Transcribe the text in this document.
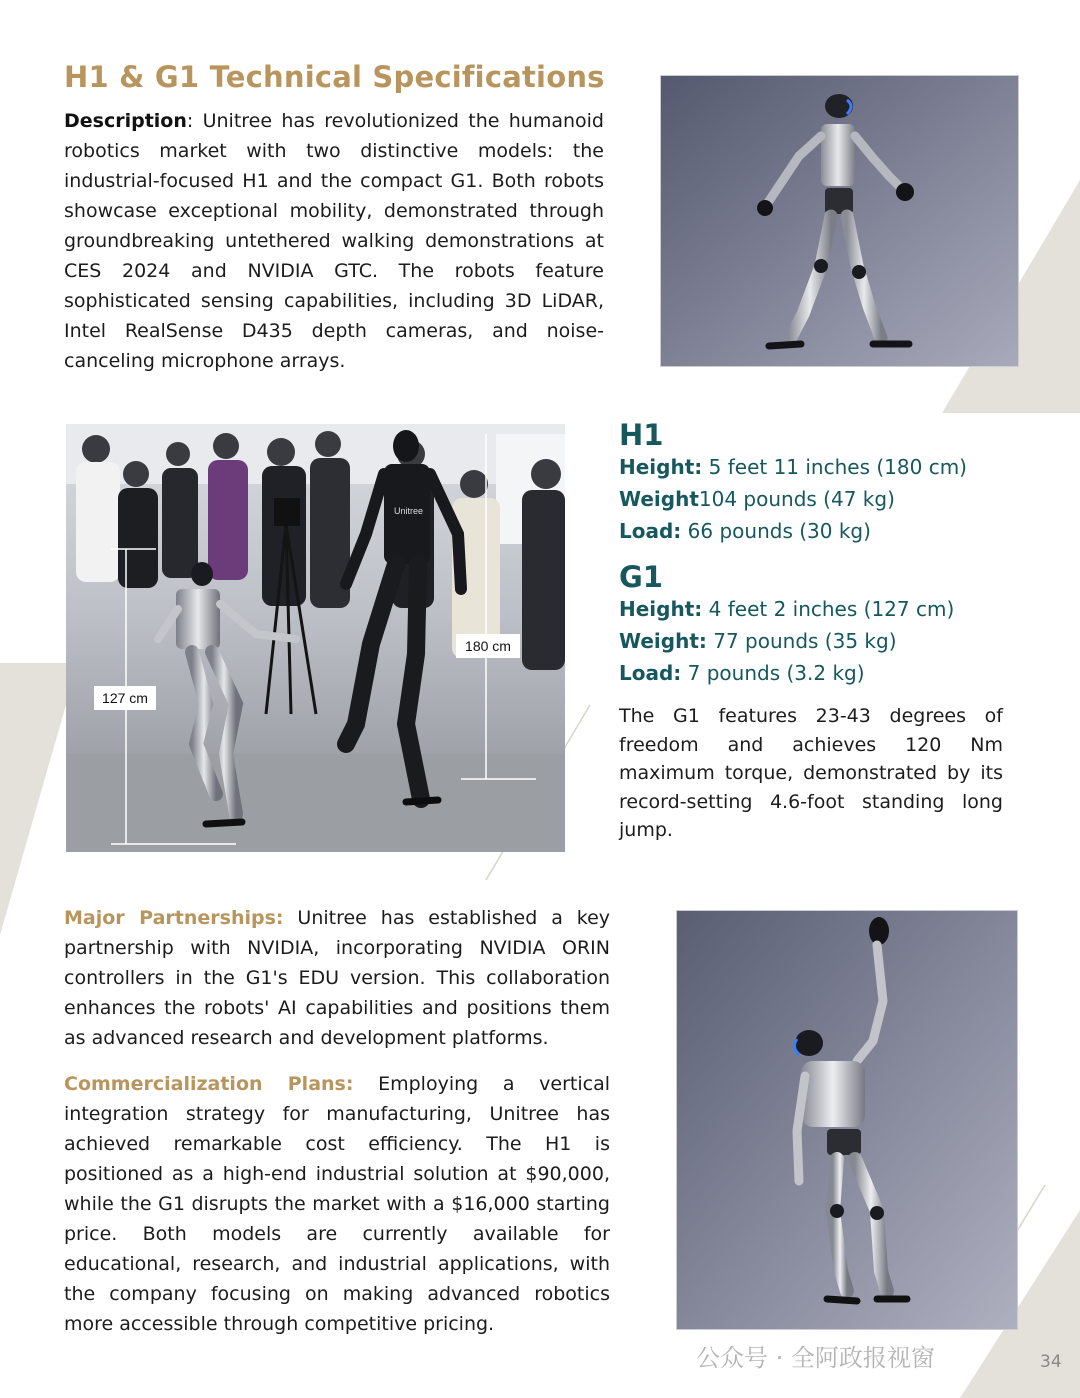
H1 & G1 Technical Specifications

Description: Unitree has revolutionized the humanoid robotics market with two distinctive models: the industrial-focused H1 and the compact G1. Both robots showcase exceptional mobility, demonstrated through groundbreaking untethered walking demonstrations at CES 2024 and NVIDIA GTC. The robots feature sophisticated sensing capabilities, including 3D LiDAR, Intel RealSense D435 depth cameras, and noise-canceling microphone arrays.

Unitree
180 cm
127 cm
H1

Height: 5 feet 11 inches (180 cm)

Weight104 pounds (47 kg)

Load: 66 pounds (30 kg)

G1

Height: 4 feet 2 inches (127 cm)

Weight: 77 pounds (35 kg)

Load: 7 pounds (3.2 kg)

The G1 features 23-43 degrees of freedom and achieves 120 Nm maximum torque, demonstrated by its record-setting 4.6-foot standing long jump.

Major Partnerships: Unitree has established a key partnership with NVIDIA, incorporating NVIDIA ORIN controllers in the G1's EDU version. This collaboration enhances the robots' AI capabilities and positions them as advanced research and development platforms.

Commercialization Plans: Employing a vertical integration strategy for manufacturing, Unitree has achieved remarkable cost efficiency. The H1 is positioned as a high-end industrial solution at $90,000, while the G1 disrupts the market with a $16,000 starting price. Both models are currently available for educational, research, and industrial applications, with the company focusing on making advanced robotics more accessible through competitive pricing.

公众号 · 全阿政报视窗	34
